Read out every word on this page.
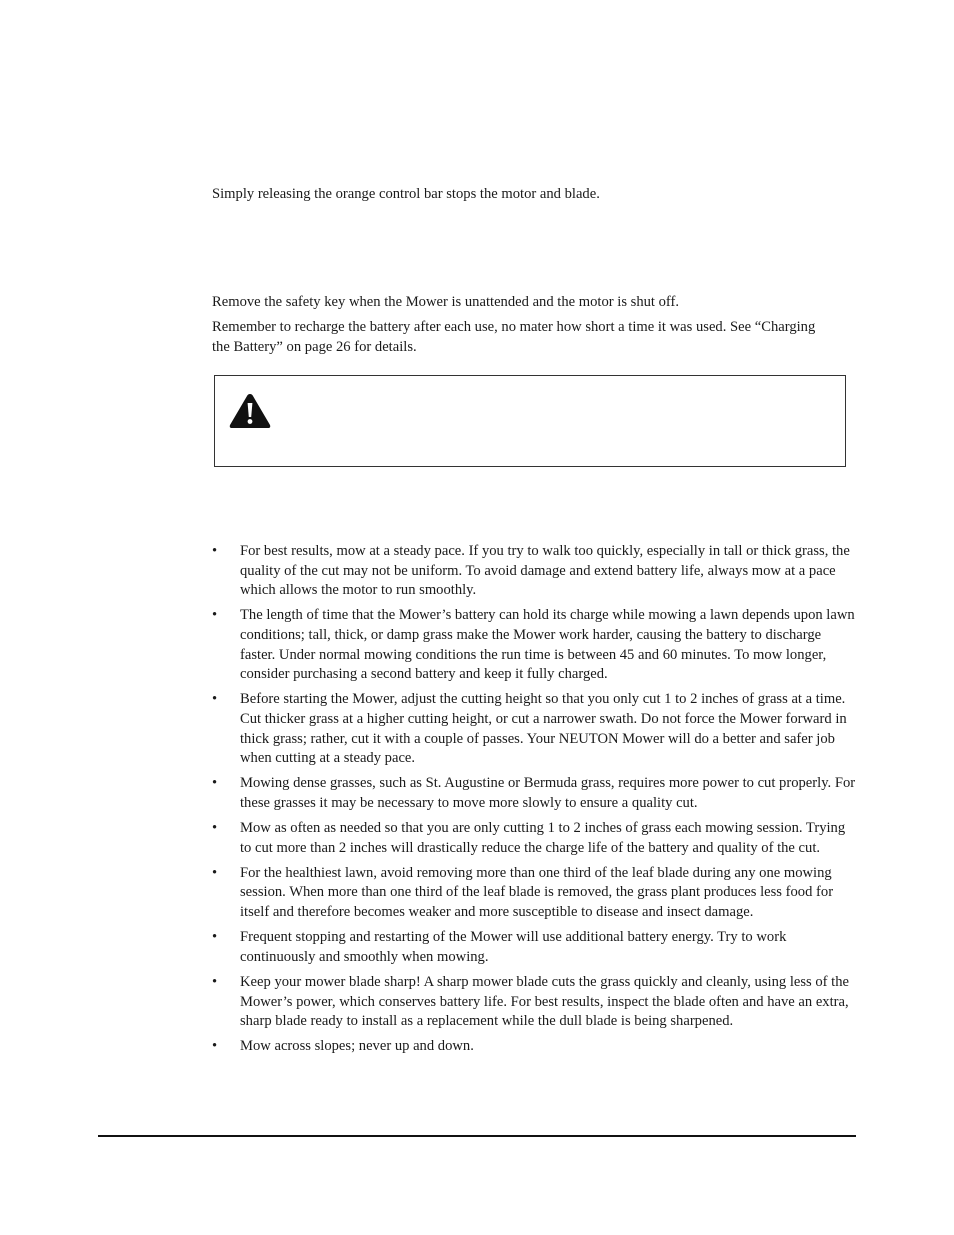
Simply releasing the orange control bar stops the motor and blade.

Remove the safety key when the Mower is unattended and the motor is shut off.

Remember to recharge the battery after each use, no mater how short a time it was used. See “Charging the Battery” on page 26 for details.

• For best results, mow at a steady pace. If you try to walk too quickly, especially in tall or thick grass, the quality of the cut may not be uniform. To avoid damage and extend battery life, always mow at a pace which allows the motor to run smoothly.
• The length of time that the Mower’s battery can hold its charge while mowing a lawn depends upon lawn conditions; tall, thick, or damp grass make the Mower work harder, causing the battery to discharge faster. Under normal mowing conditions the run time is between 45 and 60 minutes. To mow longer, consider purchasing a second battery and keep it fully charged.
• Before starting the Mower, adjust the cutting height so that you only cut 1 to 2 inches of grass at a time. Cut thicker grass at a higher cutting height, or cut a narrower swath. Do not force the Mower forward in thick grass; rather, cut it with a couple of passes. Your NEUTON Mower will do a better and safer job when cutting at a steady pace.
• Mowing dense grasses, such as St. Augustine or Bermuda grass, requires more power to cut properly. For these grasses it may be necessary to move more slowly to ensure a quality cut.
• Mow as often as needed so that you are only cutting 1 to 2 inches of grass each mowing session. Trying to cut more than 2 inches will drastically reduce the charge life of the battery and quality of the cut.
• For the healthiest lawn, avoid removing more than one third of the leaf blade during any one mowing session. When more than one third of the leaf blade is removed, the grass plant produces less food for itself and therefore becomes weaker and more susceptible to disease and insect damage.
• Frequent stopping and restarting of the Mower will use additional battery energy. Try to work continuously and smoothly when mowing.
• Keep your mower blade sharp! A sharp mower blade cuts the grass quickly and cleanly, using less of the Mower’s power, which conserves battery life. For best results, inspect the blade often and have an extra, sharp blade ready to install as a replacement while the dull blade is being sharpened.
• Mow across slopes; never up and down.
